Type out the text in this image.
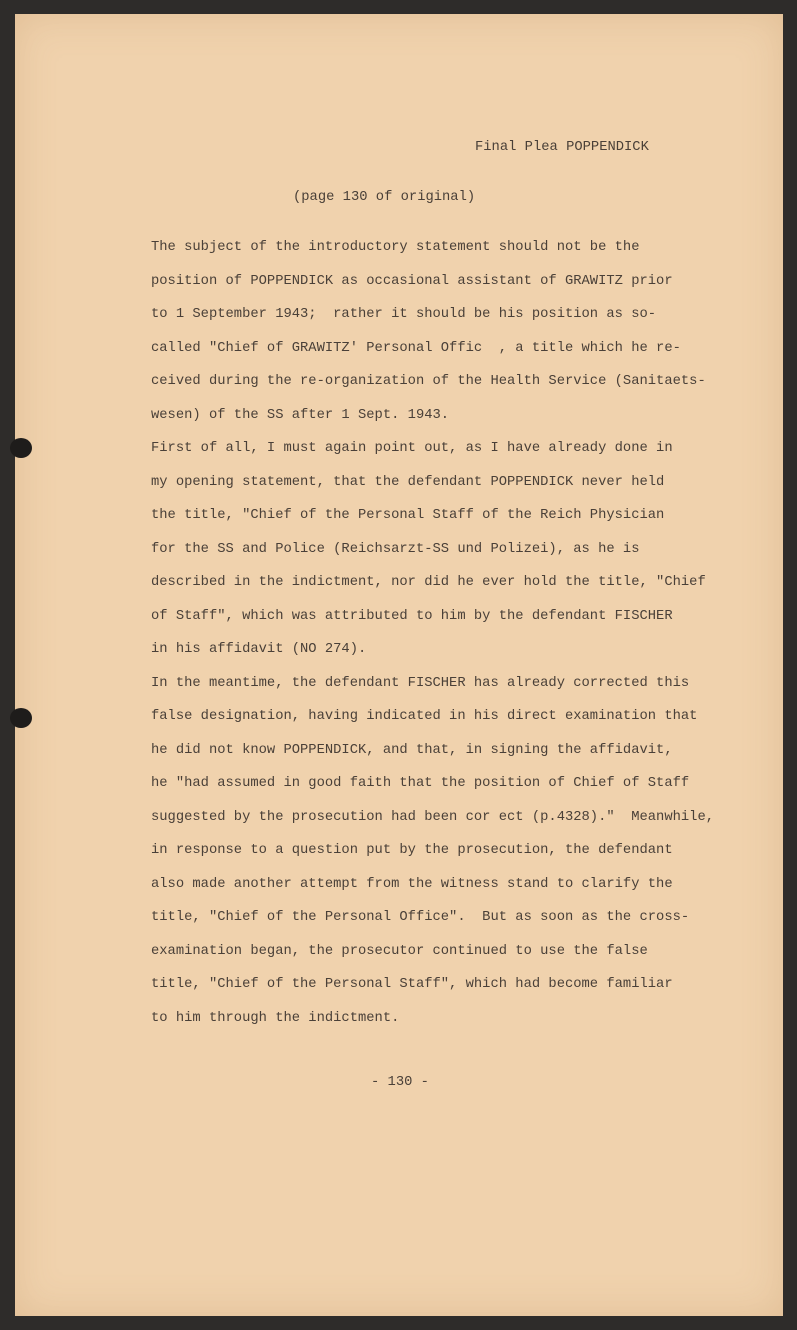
Final Plea POPPENDICK
(page 130 of original)
The subject of the introductory statement should not be the
position of POPPENDICK as occasional assistant of GRAWITZ prior
to 1 September 1943;  rather it should be his position as so-
called "Chief of GRAWITZ' Personal Offic  , a title which he re-
ceived during the re-organization of the Health Service (Sanitaets-
wesen) of the SS after 1 Sept. 1943.
First of all, I must again point out, as I have already done in
my opening statement, that the defendant POPPENDICK never held
the title, "Chief of the Personal Staff of the Reich Physician
for the SS and Police (Reichsarzt-SS und Polizei), as he is
described in the indictment, nor did he ever hold the title, "Chief
of Staff", which was attributed to him by the defendant FISCHER
in his affidavit (NO 274).
In the meantime, the defendant FISCHER has already corrected this
false designation, having indicated in his direct examination that
he did not know POPPENDICK, and that, in signing the affidavit,
he "had assumed in good faith that the position of Chief of Staff
suggested by the prosecution had been cor ect (p.4328)."  Meanwhile,
in response to a question put by the prosecution, the defendant
also made another attempt from the witness stand to clarify the
title, "Chief of the Personal Office".  But as soon as the cross-
examination began, the prosecutor continued to use the false
title, "Chief of the Personal Staff", which had become familiar
to him through the indictment.
- 130 -
